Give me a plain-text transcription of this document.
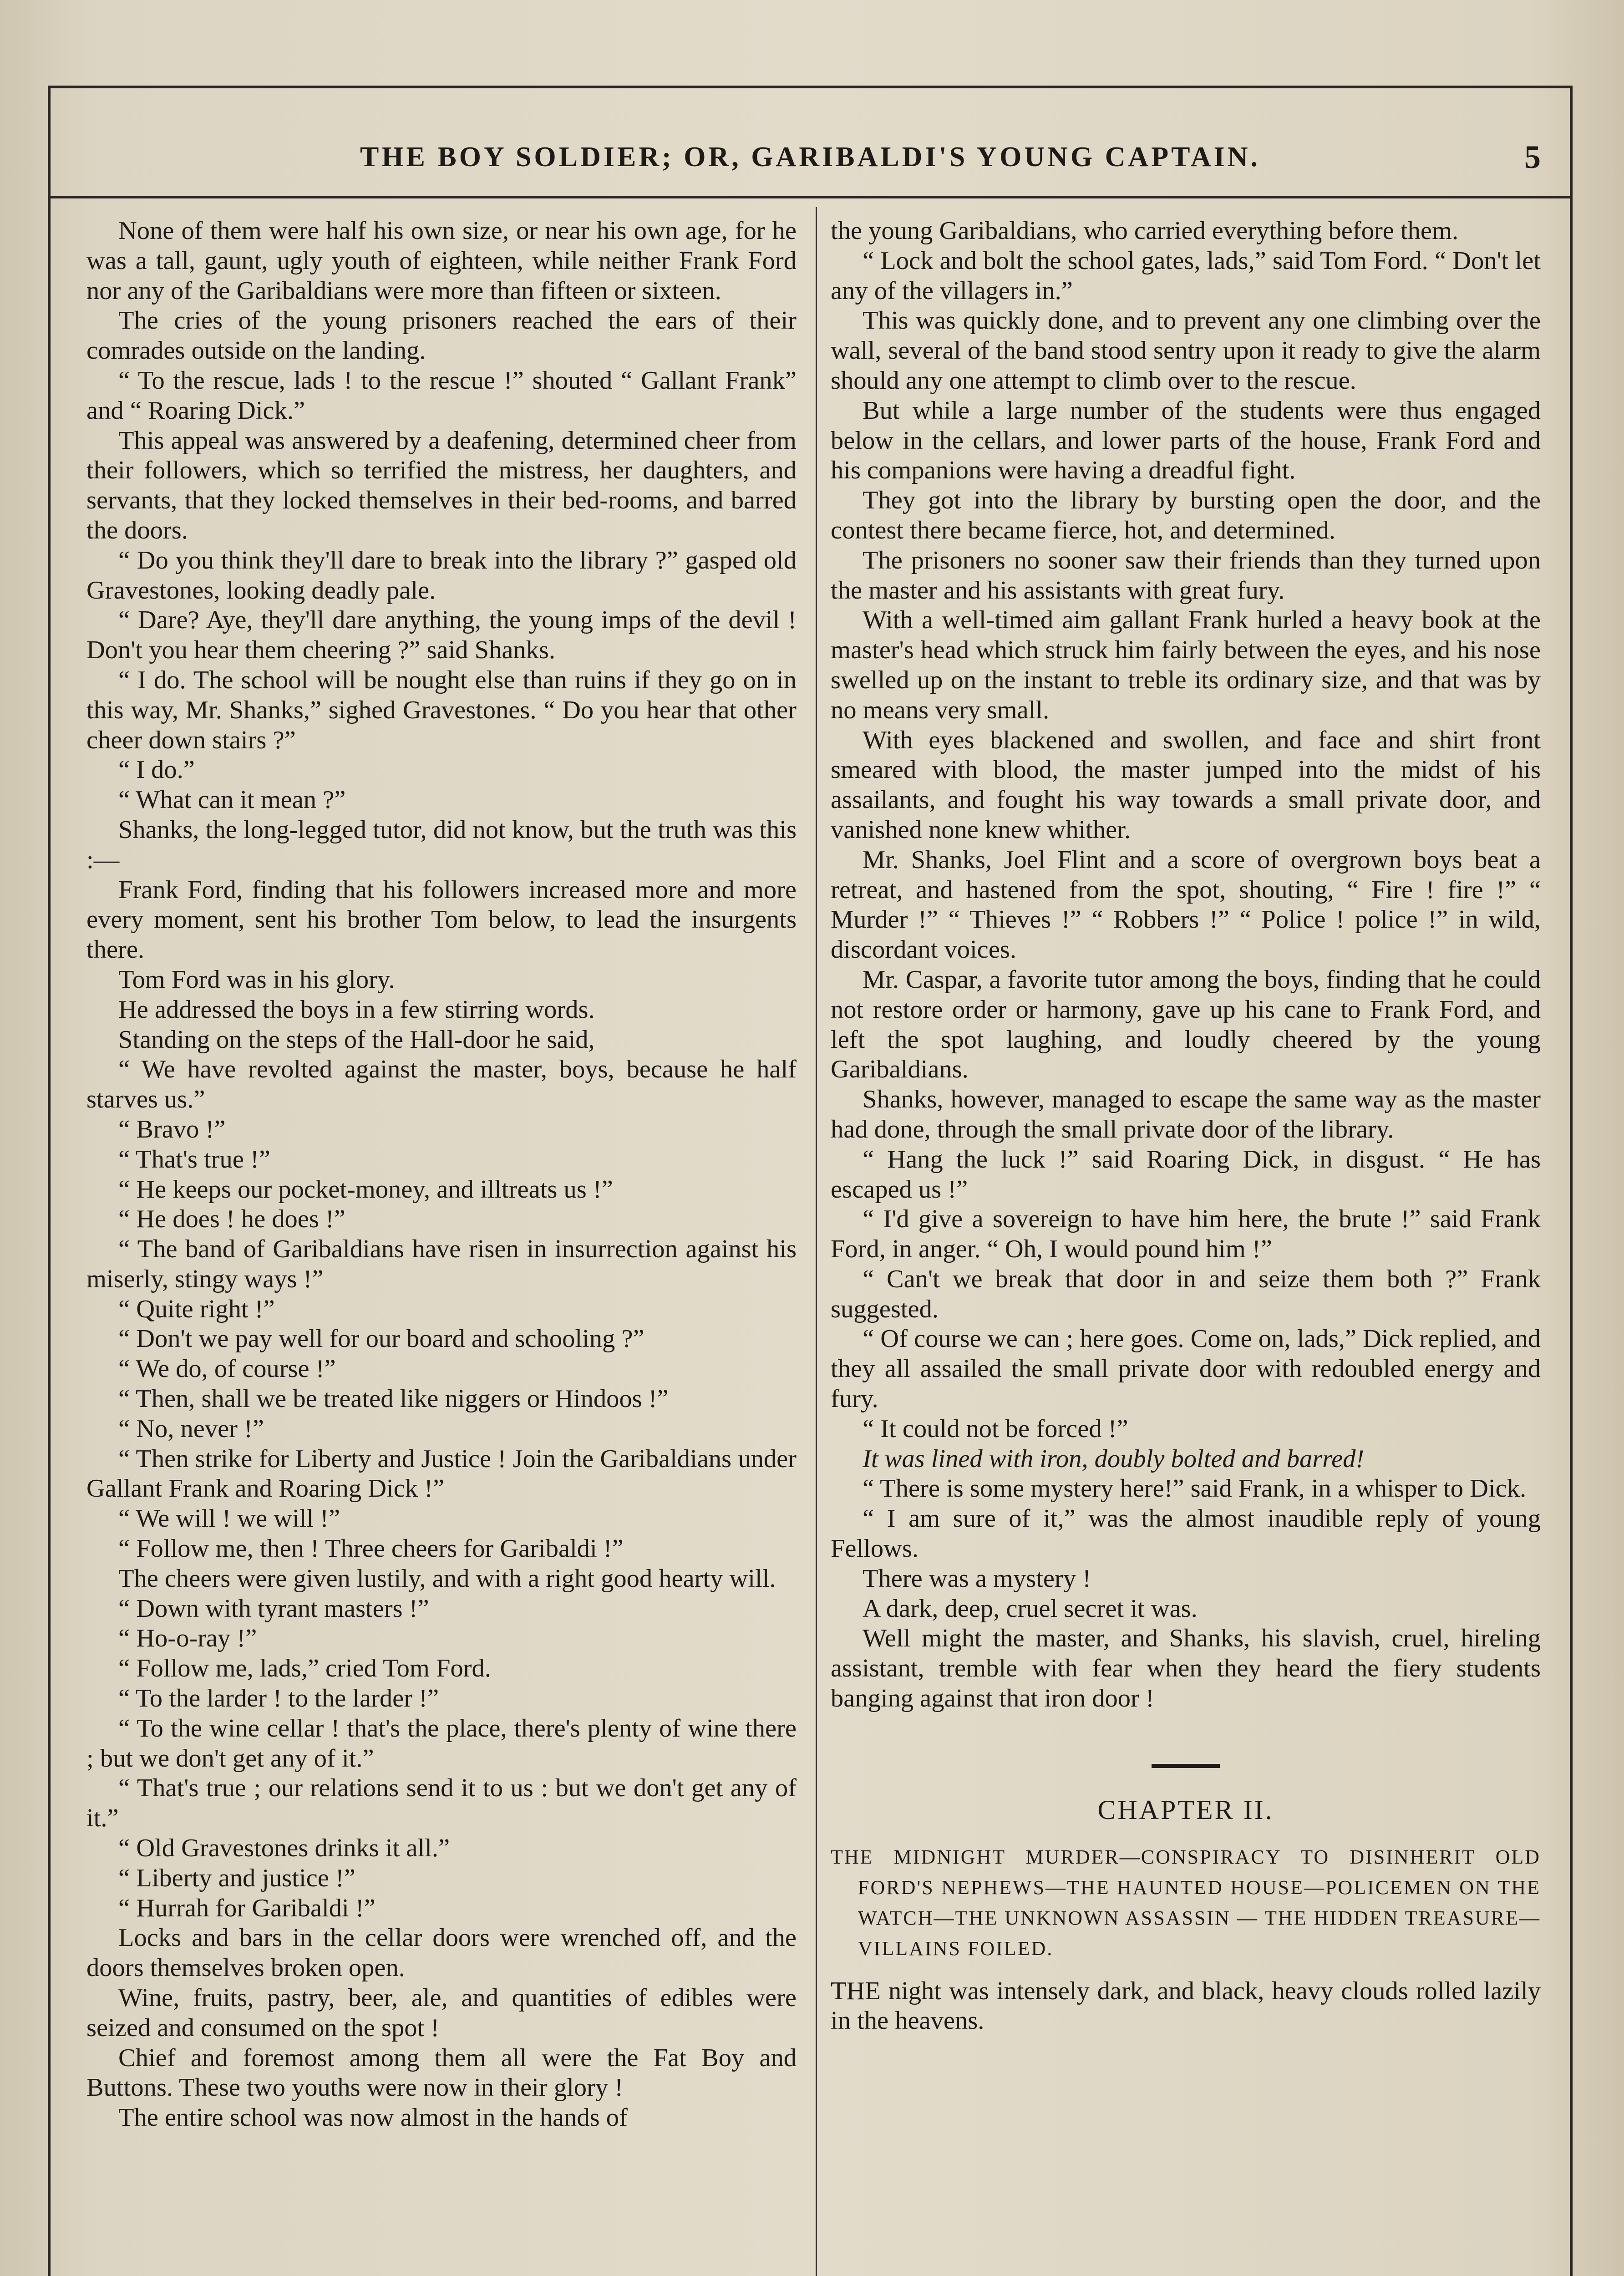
THE BOY SOLDIER; OR, GARIBALDI'S YOUNG CAPTAIN.	5

None of them were half his own size, or near his own age, for he was a tall, gaunt, ugly youth of eighteen, while neither Frank Ford nor any of the Garibaldians were more than fifteen or sixteen.

The cries of the young prisoners reached the ears of their comrades outside on the landing.

“ To the rescue, lads ! to the rescue !” shouted “ Gallant Frank” and “ Roaring Dick.”

This appeal was answered by a deafening, determined cheer from their followers, which so terrified the mistress, her daughters, and servants, that they locked themselves in their bed-rooms, and barred the doors.

“ Do you think they'll dare to break into the library ?” gasped old Gravestones, looking deadly pale.

“ Dare? Aye, they'll dare anything, the young imps of the devil ! Don't you hear them cheering ?” said Shanks.

“ I do. The school will be nought else than ruins if they go on in this way, Mr. Shanks,” sighed Gravestones. “ Do you hear that other cheer down stairs ?”

“ I do.”

“ What can it mean ?”

Shanks, the long-legged tutor, did not know, but the truth was this :—

Frank Ford, finding that his followers increased more and more every moment, sent his brother Tom below, to lead the insurgents there.

Tom Ford was in his glory.

He addressed the boys in a few stirring words.

Standing on the steps of the Hall-door he said,

“ We have revolted against the master, boys, because he half starves us.”

“ Bravo !”

“ That's true !”

“ He keeps our pocket-money, and illtreats us !”

“ He does ! he does !”

“ The band of Garibaldians have risen in insurrection against his miserly, stingy ways !”

“ Quite right !”

“ Don't we pay well for our board and schooling ?”

“ We do, of course !”

“ Then, shall we be treated like niggers or Hindoos !”

“ No, never !”

“ Then strike for Liberty and Justice ! Join the Garibaldians under Gallant Frank and Roaring Dick !”

“ We will ! we will !”

“ Follow me, then ! Three cheers for Garibaldi !”

The cheers were given lustily, and with a right good hearty will.

“ Down with tyrant masters !”

“ Ho-o-ray !”

“ Follow me, lads,” cried Tom Ford.

“ To the larder ! to the larder !”

“ To the wine cellar ! that's the place, there's plenty of wine there ; but we don't get any of it.”

“ That's true ; our relations send it to us : but we don't get any of it.”

“ Old Gravestones drinks it all.”

“ Liberty and justice !”

“ Hurrah for Garibaldi !”

Locks and bars in the cellar doors were wrenched off, and the doors themselves broken open.

Wine, fruits, pastry, beer, ale, and quantities of edibles were seized and consumed on the spot !

Chief and foremost among them all were the Fat Boy and Buttons. These two youths were now in their glory !

The entire school was now almost in the hands of

the young Garibaldians, who carried everything before them.

“ Lock and bolt the school gates, lads,” said Tom Ford. “ Don't let any of the villagers in.”

This was quickly done, and to prevent any one climbing over the wall, several of the band stood sentry upon it ready to give the alarm should any one attempt to climb over to the rescue.

But while a large number of the students were thus engaged below in the cellars, and lower parts of the house, Frank Ford and his companions were having a dreadful fight.

They got into the library by bursting open the door, and the contest there became fierce, hot, and determined.

The prisoners no sooner saw their friends than they turned upon the master and his assistants with great fury.

With a well-timed aim gallant Frank hurled a heavy book at the master's head which struck him fairly between the eyes, and his nose swelled up on the instant to treble its ordinary size, and that was by no means very small.

With eyes blackened and swollen, and face and shirt front smeared with blood, the master jumped into the midst of his assailants, and fought his way towards a small private door, and vanished none knew whither.

Mr. Shanks, Joel Flint and a score of overgrown boys beat a retreat, and hastened from the spot, shouting, “ Fire ! fire !” “ Murder !” “ Thieves !” “ Robbers !” “ Police ! police !” in wild, discordant voices.

Mr. Caspar, a favorite tutor among the boys, finding that he could not restore order or harmony, gave up his cane to Frank Ford, and left the spot laughing, and loudly cheered by the young Garibaldians.

Shanks, however, managed to escape the same way as the master had done, through the small private door of the library.

“ Hang the luck !” said Roaring Dick, in disgust. “ He has escaped us !”

“ I'd give a sovereign to have him here, the brute !” said Frank Ford, in anger. “ Oh, I would pound him !”

“ Can't we break that door in and seize them both ?” Frank suggested.

“ Of course we can ; here goes. Come on, lads,” Dick replied, and they all assailed the small private door with redoubled energy and fury.

“ It could not be forced !”

It was lined with iron, doubly bolted and barred!

“ There is some mystery here!” said Frank, in a whisper to Dick.

“ I am sure of it,” was the almost inaudible reply of young Fellows.

There was a mystery !

A dark, deep, cruel secret it was.

Well might the master, and Shanks, his slavish, cruel, hireling assistant, tremble with fear when they heard the fiery students banging against that iron door !

CHAPTER II.
THE MIDNIGHT MURDER—CONSPIRACY TO DISINHERIT OLD FORD'S NEPHEWS—THE HAUNTED HOUSE—POLICEMEN ON THE WATCH—THE UNKNOWN ASSASSIN — THE HIDDEN TREASURE—VILLAINS FOILED.

THE night was intensely dark, and black, heavy clouds rolled lazily in the heavens.
